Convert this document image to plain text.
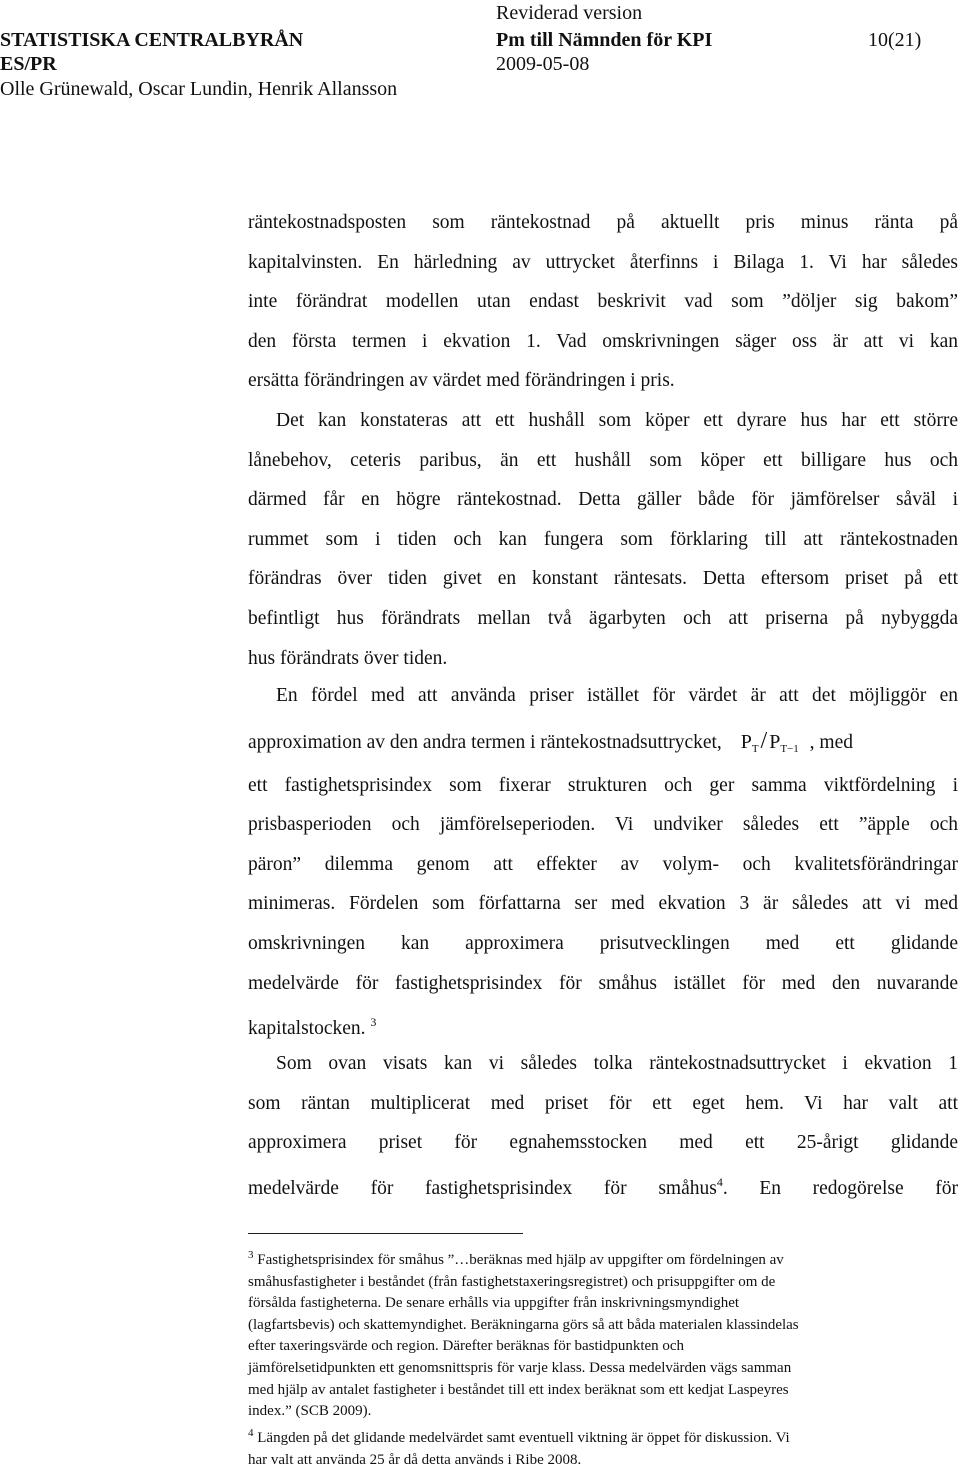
STATISTISKA CENTRALBYRÅN
ES/PR
Olle Grünewald, Oscar Lundin, Henrik Allansson
Reviderad version
Pm till Nämnden för KPI
2009-05-08
10(21)
räntekostnadsposten som räntekostnad på aktuellt pris minus ränta på
kapitalvinsten. En härledning av uttrycket återfinns i Bilaga 1. Vi har således
inte förändrat modellen utan endast beskrivit vad som ”döljer sig bakom”
den första termen i ekvation 1. Vad omskrivningen säger oss är att vi kan
ersätta förändringen av värdet med förändringen i pris.
Det kan konstateras att ett hushåll som köper ett dyrare hus har ett större
lånebehov, ceteris paribus, än ett hushåll som köper ett billigare hus och
därmed får en högre räntekostnad. Detta gäller både för jämförelser såväl i
rummet som i tiden och kan fungera som förklaring till att räntekostnaden
förändras över tiden givet en konstant räntesats. Detta eftersom priset på ett
befintligt hus förändrats mellan två ägarbyten och att priserna på nybyggda
hus förändrats över tiden.
En fördel med att använda priser istället för värdet är att det möjliggör en
approximation av den andra termen i räntekostnadsuttrycket, $P_T/$ $P_{T-1}$ , med
ett fastighetsprisindex som fixerar strukturen och ger samma viktfördelning i
prisbasperioden och jämförelseperioden. Vi undviker således ett ”äpple och
päron” dilemma genom att effekter av volym- och kvalitetsförändringar
minimeras. Fördelen som författarna ser med ekvation 3 är således att vi med
omskrivningen kan approximera prisutvecklingen med ett glidande
medelvärde för fastighetsprisindex för småhus istället för med den nuvarande
kapitalstocken. $^3$
Som ovan visats kan vi således tolka räntekostnadsuttrycket i ekvation 1
som räntan multiplicerat med priset för ett eget hem. Vi har valt att
approximera priset för egnahemsstocken med ett 25-årigt glidande
medelvärde för fastighetsprisindex för småhus$^4$. En redogörelse för
$^3$ Fastighetsprisindex för småhus ”…beräknas med hjälp av uppgifter om fördelningen av
småhusfastigheter i beståndet (från fastighetstaxeringsregistret) och prisuppgifter om de
försålda fastigheterna. De senare erhålls via uppgifter från inskrivningsmyndighet
(lagfartsbevis) och skattemyndighet. Beräkningarna görs så att båda materialen klassindelas
efter taxeringsvärde och region. Därefter beräknas för bastidpunkten och
jämförelsetidpunkten ett genomsnittspris för varje klass. Dessa medelvärden vägs samman
med hjälp av antalet fastigheter i beståndet till ett index beräknat som ett kedjat Laspeyres
index.” (SCB 2009).
$^4$ Längden på det glidande medelvärdet samt eventuell viktning är öppet för diskussion. Vi
har valt att använda 25 år då detta används i Ribe 2008.
